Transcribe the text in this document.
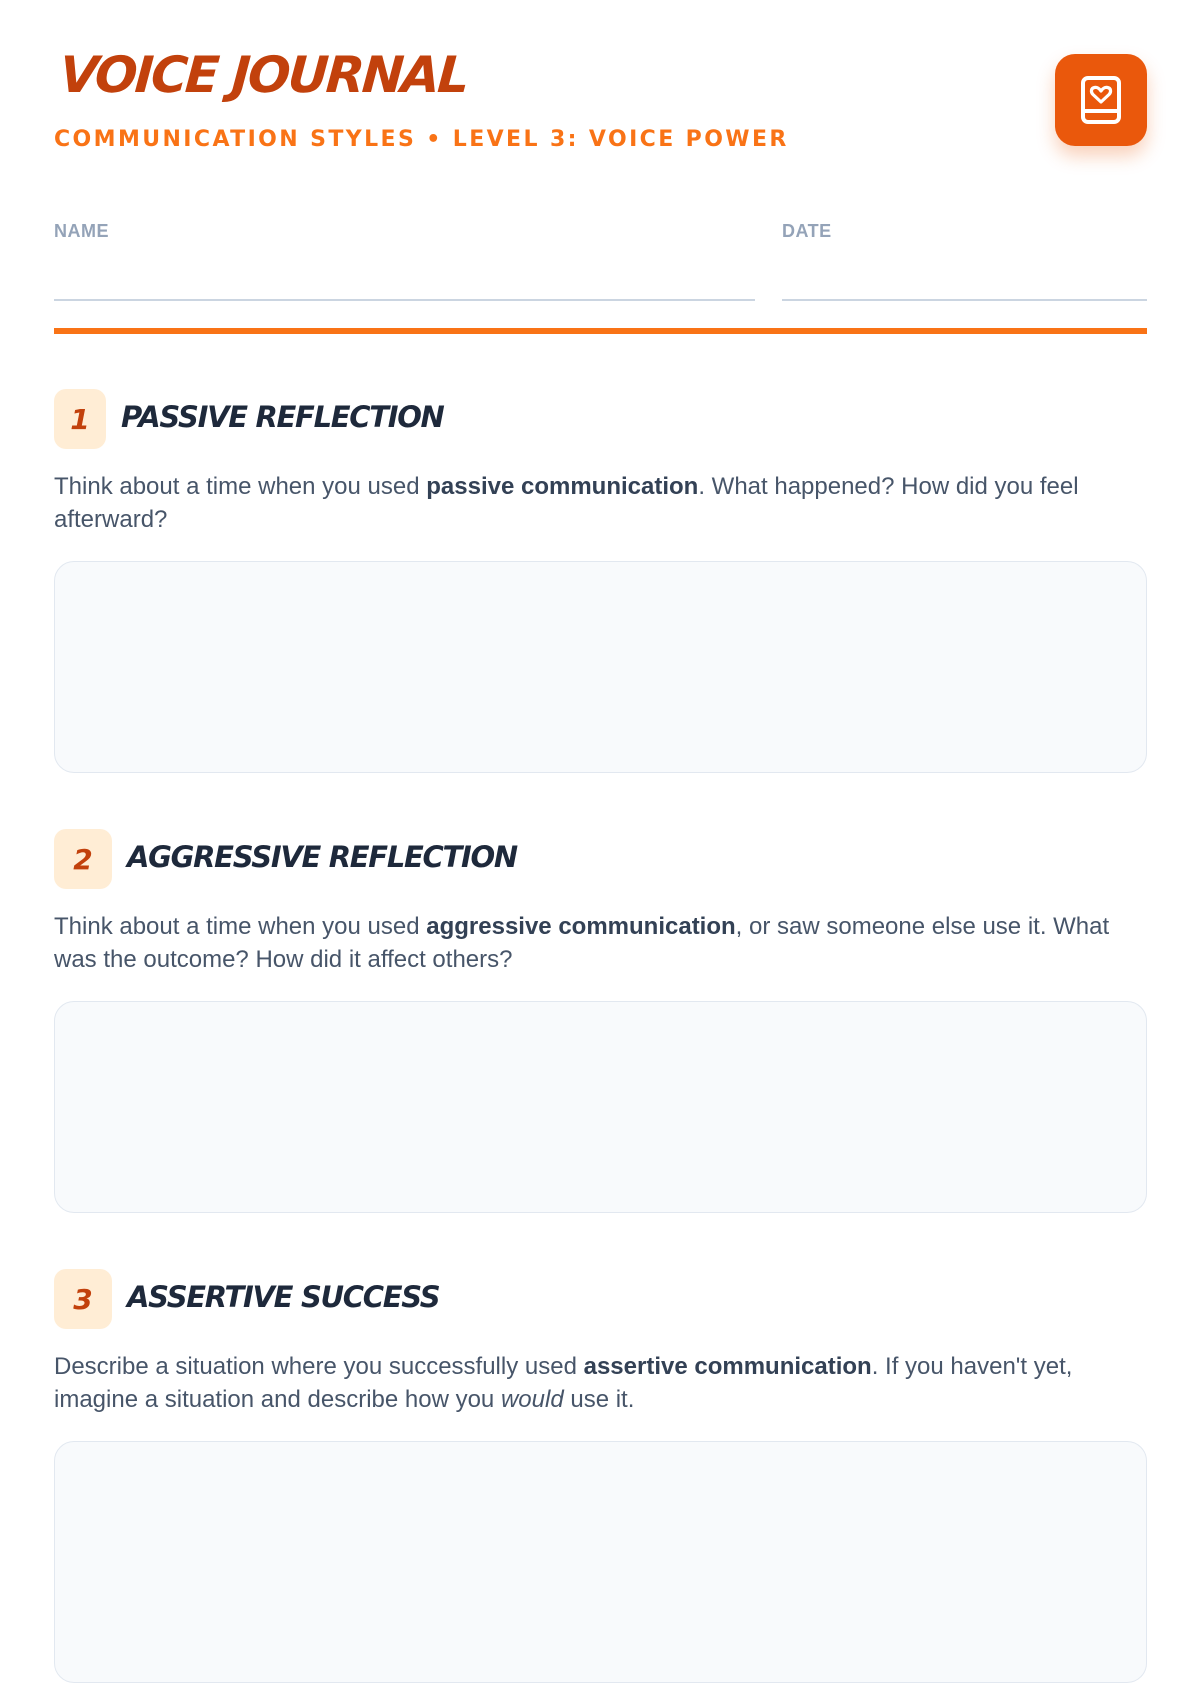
VOICE JOURNAL
COMMUNICATION STYLES • LEVEL 3: VOICE POWER
NAME	DATE
1	PASSIVE REFLECTION

Think about a time when you used passive communication. What happened? How did you feel afterward?

2	AGGRESSIVE REFLECTION

Think about a time when you used aggressive communication, or saw someone else use it. What was the outcome? How did it affect others?

3	ASSERTIVE SUCCESS

Describe a situation where you successfully used assertive communication. If you haven't yet, imagine a situation and describe how you would use it.
